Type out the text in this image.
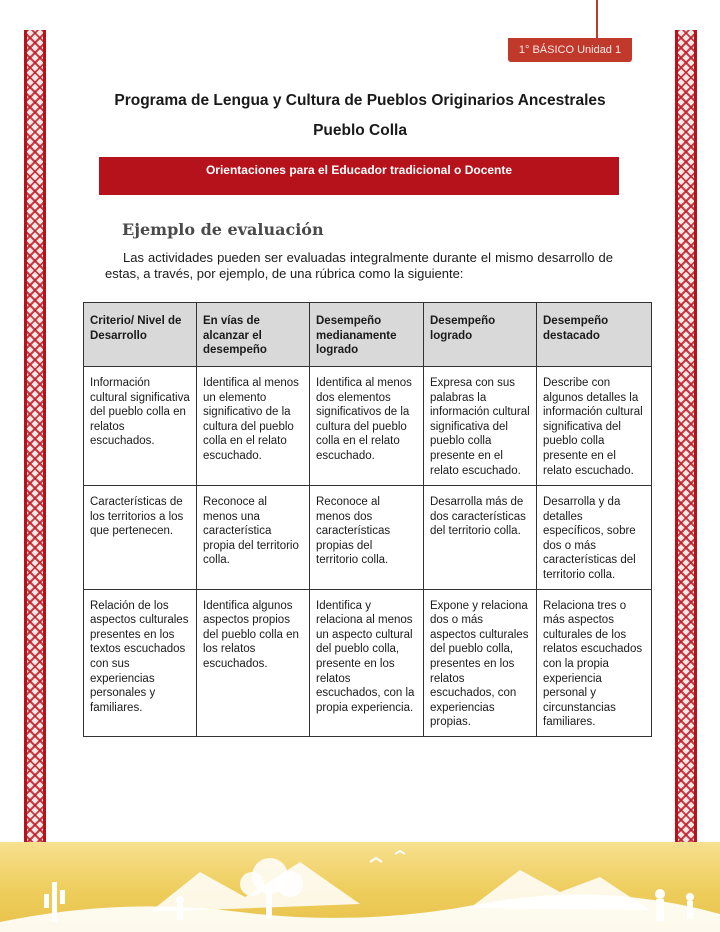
1° BÁSICO Unidad 1
Programa de Lengua y Cultura de Pueblos Originarios Ancestrales
Pueblo Colla
Orientaciones para el Educador tradicional o Docente
Ejemplo de evaluación

Las actividades pueden ser evaluadas integralmente durante el mismo desarrollo de estas, a través, por ejemplo, de una rúbrica como la siguiente:

Criterio/ Nivel de Desarrollo	En vías de alcanzar el desempeño	Desempeño medianamente logrado	Desempeño logrado	Desempeño destacado
Información cultural significativa del pueblo colla en relatos escuchados.	Identifica al menos un elemento significativo de la cultura del pueblo colla en el relato escuchado.	Identifica al menos dos elementos significativos de la cultura del pueblo colla en el relato escuchado.	Expresa con sus palabras la información cultural significativa del pueblo colla presente en el relato escuchado.	Describe con algunos detalles la información cultural significativa del pueblo colla presente en el relato escuchado.
Características de los territorios a los que pertenecen.	Reconoce al menos una característica propia del territorio colla.	Reconoce al menos dos características propias del territorio colla.	Desarrolla más de dos características del territorio colla.	Desarrolla y da detalles específicos, sobre dos o más características del territorio colla.
Relación de los aspectos culturales presentes en los textos escuchados con sus experiencias personales y familiares.	Identifica algunos aspectos propios del pueblo colla en los relatos escuchados.	Identifica y relaciona al menos un aspecto cultural del pueblo colla, presente en los relatos escuchados, con la propia experiencia.	Expone y relaciona dos o más aspectos culturales del pueblo colla, presentes en los relatos escuchados, con experiencias propias.	Relaciona tres o más aspectos culturales de los relatos escuchados con la propia experiencia personal y circunstancias familiares.
